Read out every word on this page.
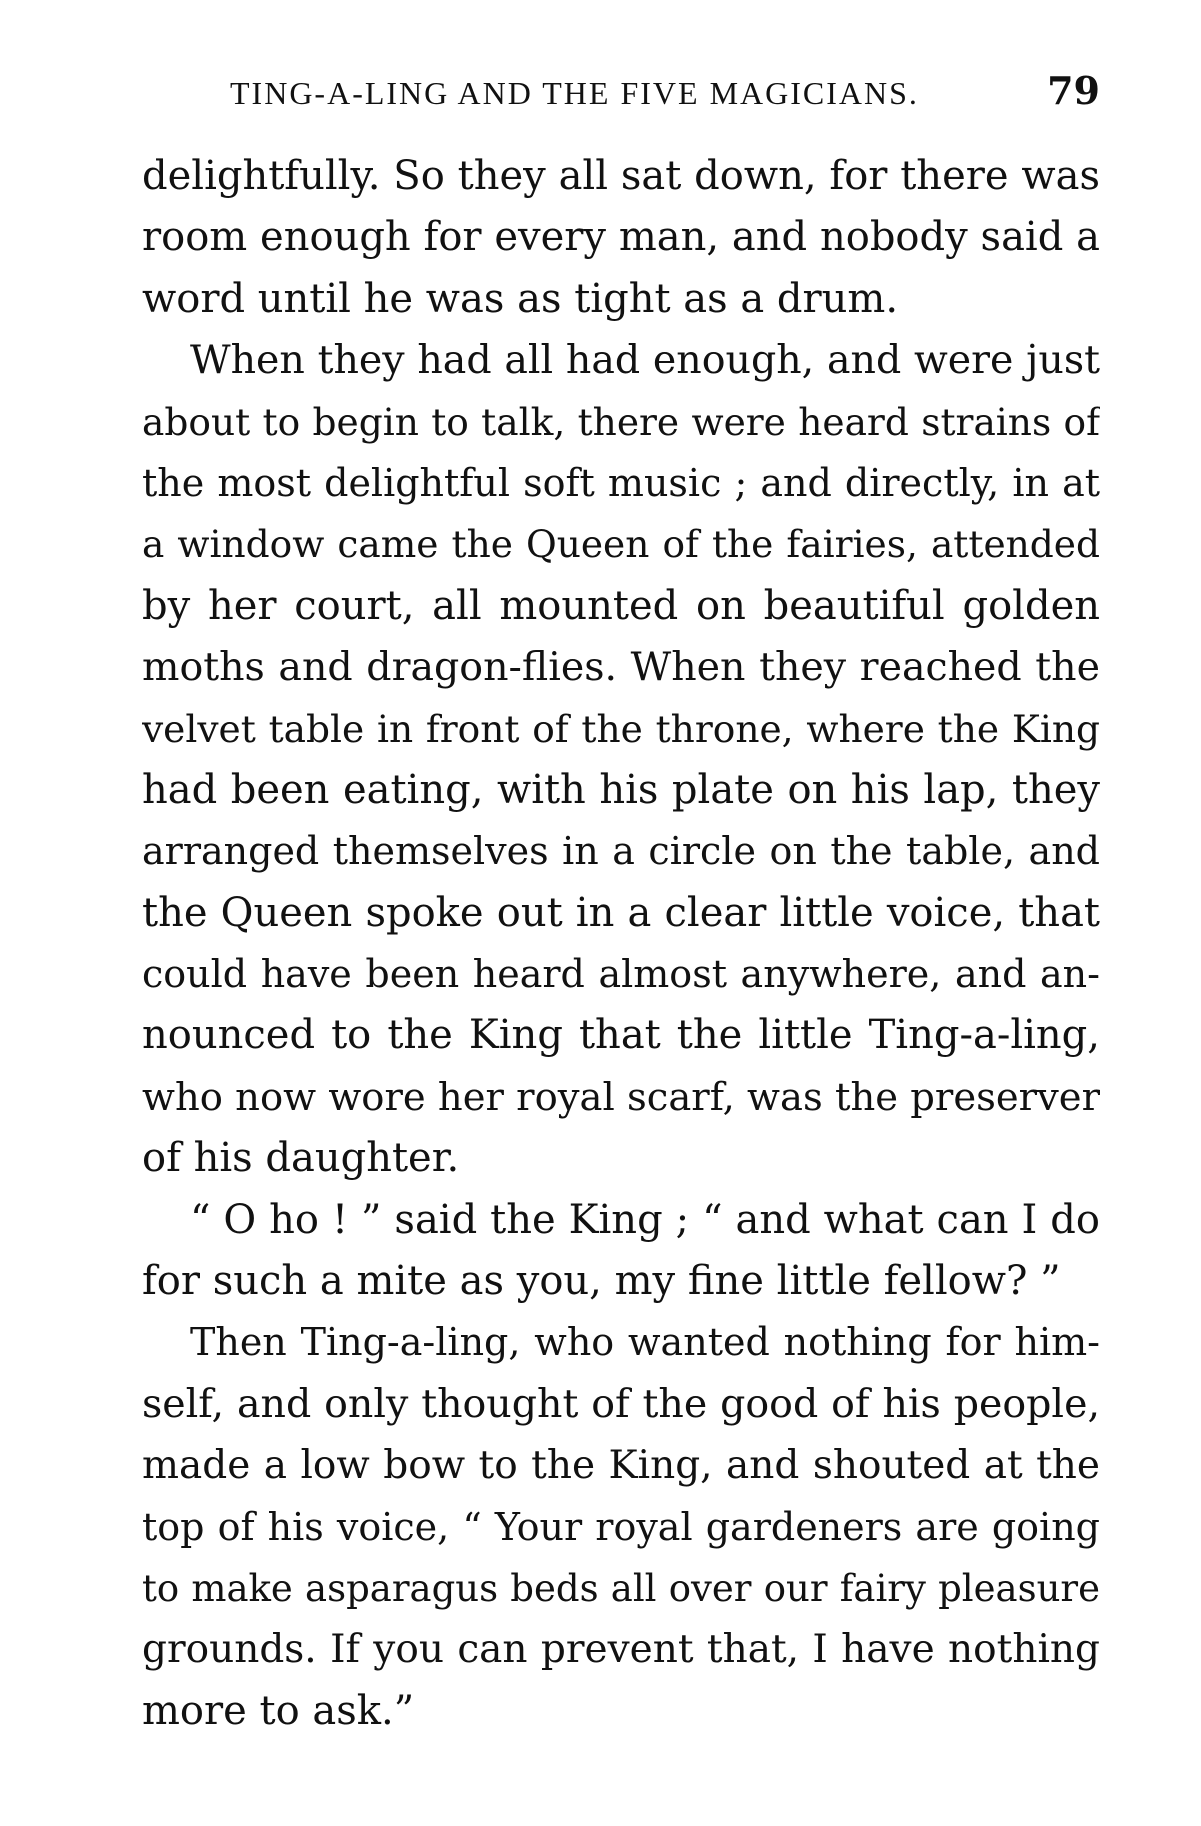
TING-A-LING AND THE FIVE MAGICIANS.	79
delightfully. So they all sat down, for there was
room enough for every man, and nobody said a
word until he was as tight as a drum.
When they had all had enough, and were just
about to begin to talk, there were heard strains of
the most delightful soft music ; and directly, in at
a window came the Queen of the fairies, attended
by her court, all mounted on beautiful golden
moths and dragon-flies. When they reached the
velvet table in front of the throne, where the King
had been eating, with his plate on his lap, they
arranged themselves in a circle on the table, and
the Queen spoke out in a clear little voice, that
could have been heard almost anywhere, and an-
nounced to the King that the little Ting-a-ling,
who now wore her royal scarf, was the preserver
of his daughter.
“ O ho ! ” said the King ; “ and what can I do
for such a mite as you, my fine little fellow? ”
Then Ting-a-ling, who wanted nothing for him-
self, and only thought of the good of his people,
made a low bow to the King, and shouted at the
top of his voice, “ Your royal gardeners are going
to make asparagus beds all over our fairy pleasure
grounds. If you can prevent that, I have nothing
more to ask.”
